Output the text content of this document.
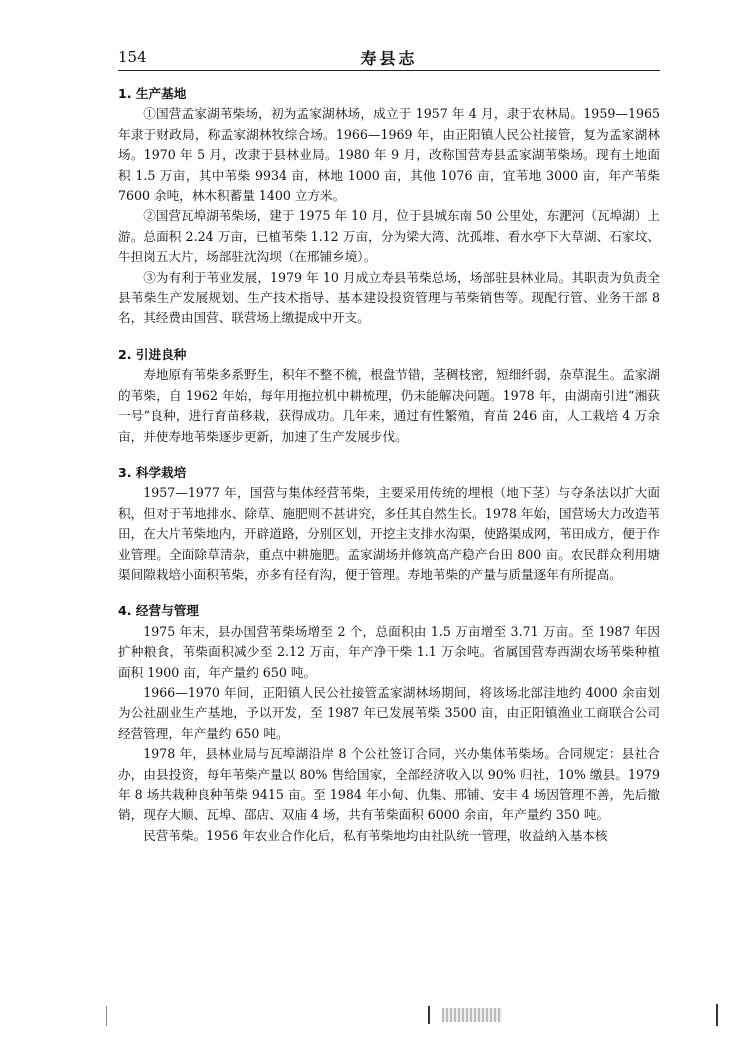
154	寿县志
1. 生产基地

①国营孟家湖苇柴场，初为孟家湖林场，成立于 1957 年 4 月，隶于农林局。1959—1965 年隶于财政局，称孟家湖林牧综合场。1966—1969 年，由正阳镇人民公社接管，复为孟家湖林场。1970 年 5 月，改隶于县林业局。1980 年 9 月，改称国营寿县孟家湖苇柴场。现有土地面积 1.5 万亩，其中苇柴 9934 亩，林地 1000 亩，其他 1076 亩，宜苇地 3000 亩，年产苇柴 7600 余吨，林木积蓄量 1400 立方米。

②国营瓦埠湖苇柴场，建于 1975 年 10 月，位于县城东南 50 公里处，东淝河（瓦埠湖）上游。总面积 2.24 万亩，已植苇柴 1.12 万亩，分为梁大湾、沈孤堆、看水亭下大草湖、石家坟、牛担岗五大片，场部驻沈沟坝（在邢铺乡境）。

③为有利于苇业发展，1979 年 10 月成立寿县苇柴总场，场部驻县林业局。其职责为负责全县苇柴生产发展规划、生产技术指导、基本建设投资管理与苇柴销售等。现配行管、业务干部 8 名，其经费由国营、联营场上缴提成中开支。

2. 引进良种

寿地原有苇柴多系野生，积年不整不梳，根盘节错，茎稠枝密，短细纤弱，杂草混生。孟家湖的苇柴，自 1962 年始，每年用拖拉机中耕梳理，仍未能解决问题。1978 年，由湖南引进“湘荻一号”良种，进行育苗移栽，获得成功。几年来，通过有性繁殖，育苗 246 亩，人工栽培 4 万余亩，并使寿地苇柴逐步更新，加速了生产发展步伐。

3. 科学栽培

1957—1977 年，国营与集体经营苇柴，主要采用传统的埋根（地下茎）与夺条法以扩大面积，但对于苇地排水、除草、施肥则不甚讲究，多任其自然生长。1978 年始，国营场大力改造苇田，在大片苇柴地内，开辟道路，分别区划，开挖主支排水沟渠，使路渠成网，苇田成方，便于作业管理。全面除草清杂，重点中耕施肥。孟家湖场并修筑高产稳产台田 800 亩。农民群众利用塘渠间隙栽培小面积苇柴，亦多有径有沟，便于管理。寿地苇柴的产量与质量逐年有所提高。

4. 经营与管理

1975 年末，县办国营苇柴场增至 2 个，总面积由 1.5 万亩增至 3.71 万亩。至 1987 年因扩种粮食，苇柴面积减少至 2.12 万亩，年产净干柴 1.1 万余吨。省属国营寿西湖农场苇柴种植面积 1900 亩，年产量约 650 吨。

1966—1970 年间，正阳镇人民公社接管孟家湖林场期间，将该场北部洼地约 4000 余亩划为公社副业生产基地，予以开发，至 1987 年已发展苇柴 3500 亩，由正阳镇渔业工商联合公司经营管理，年产量约 650 吨。

1978 年，县林业局与瓦埠湖沿岸 8 个公社签订合同，兴办集体苇柴场。合同规定：县社合办，由县投资，每年苇柴产量以 80% 售给国家，全部经济收入以 90% 归社，10% 缴县。1979 年 8 场共栽种良种苇柴 9415 亩。至 1984 年小甸、仇集、邢铺、安丰 4 场因管理不善，先后撤销，现存大顺、瓦埠、邵店、双庙 4 场，共有苇柴面积 6000 余亩，年产量约 350 吨。

民营苇柴。1956 年农业合作化后，私有苇柴地均由社队统一管理，收益纳入基本核
